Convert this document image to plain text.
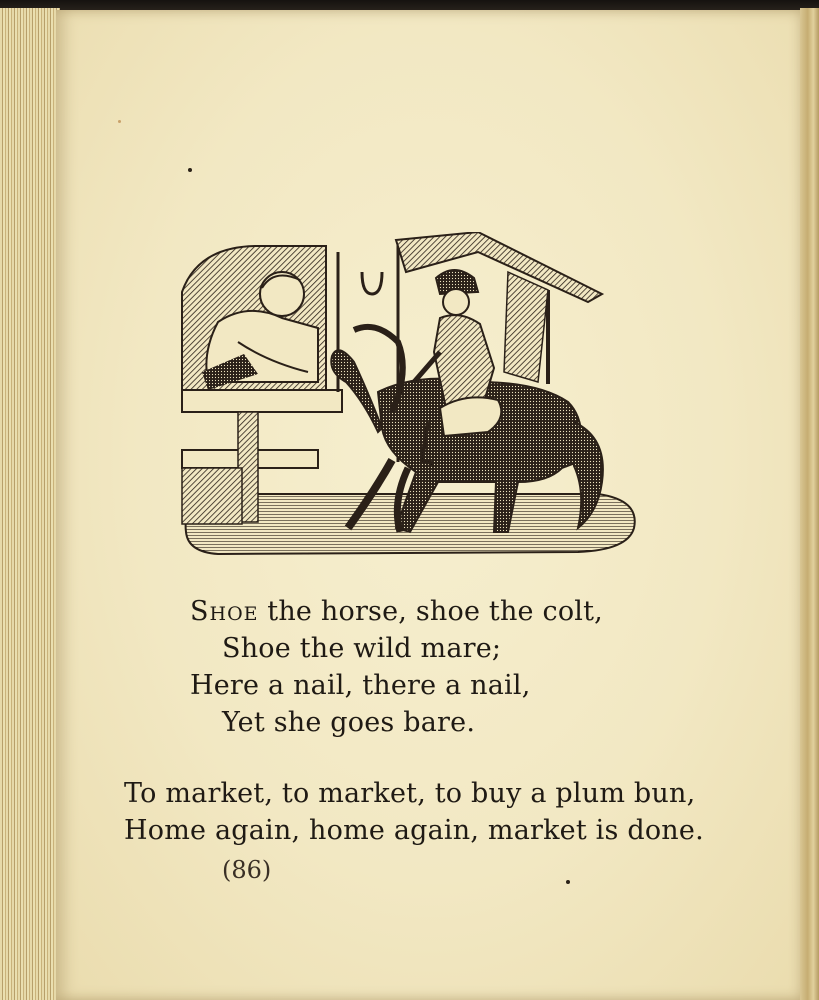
Shoe the horse, shoe the colt,
Shoe the wild mare;
Here a nail, there a nail,
Yet she goes bare.
To market, to market, to buy a plum bun,
Home again, home again, market is done.
(86)
